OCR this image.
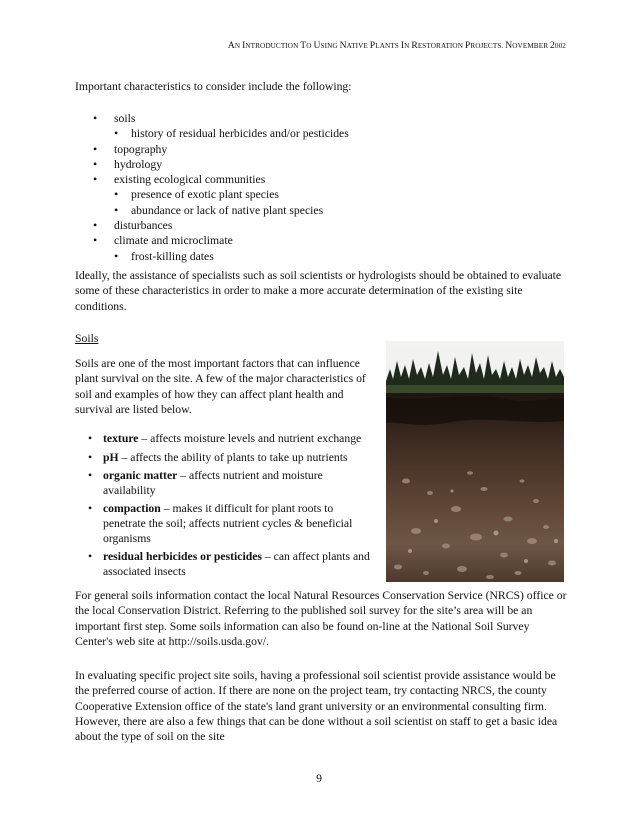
AN INTRODUCTION TO USING NATIVE PLANTS IN RESTORATION PROJECTS. NOVEMBER 2002
Important characteristics to consider include the following:
• soils
• history of residual herbicides and/or pesticides
• topography
• hydrology
• existing ecological communities
• presence of exotic plant species
• abundance or lack of native plant species
• disturbances
• climate and microclimate
• frost-killing dates
Ideally, the assistance of specialists such as soil scientists or hydrologists should be obtained to evaluate some of these characteristics in order to make a more accurate determination of the existing site conditions.
Soils
Soils are one of the most important factors that can influence plant survival on the site. A few of the major characteristics of soil and examples of how they can affect plant health and survival are listed below.
• texture – affects moisture levels and nutrient exchange
• pH – affects the ability of plants to take up nutrients
• organic matter – affects nutrient and moisture availability
• compaction – makes it difficult for plant roots to penetrate the soil; affects nutrient cycles & beneficial organisms
• residual herbicides or pesticides – can affect plants and associated insects
For general soils information contact the local Natural Resources Conservation Service (NRCS) office or the local Conservation District. Referring to the published soil survey for the site’s area will be an important first step. Some soils information can also be found on-line at the National Soil Survey Center's web site at http://soils.usda.gov/.
In evaluating specific project site soils, having a professional soil scientist provide assistance would be the preferred course of action. If there are none on the project team, try contacting NRCS, the county Cooperative Extension office of the state's land grant university or an environmental consulting firm. However, there are also a few things that can be done without a soil scientist on staff to get a basic idea about the type of soil on the site
9
